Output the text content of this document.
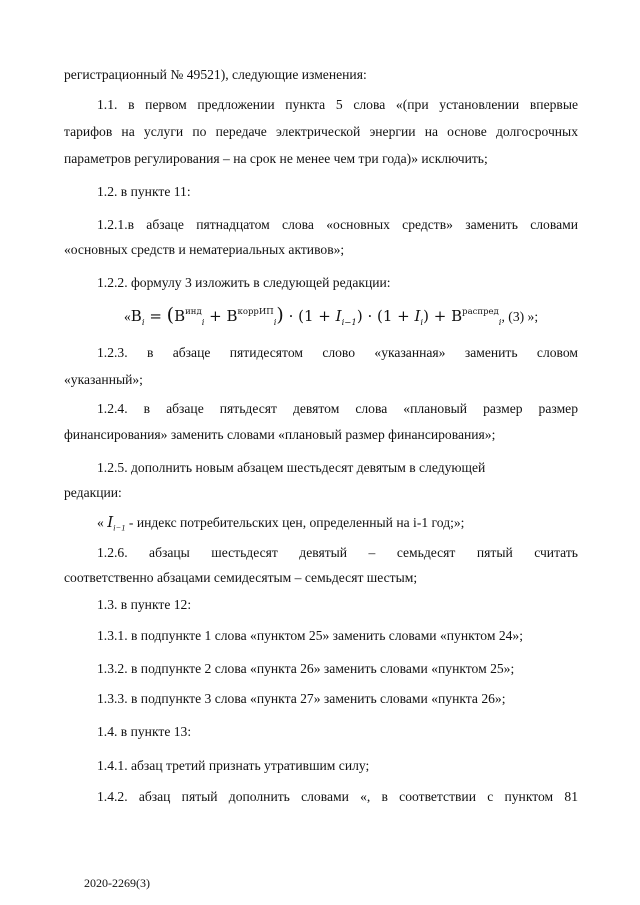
регистрационный № 49521), следующие изменения:
1.1. в первом предложении пункта 5 слова «(при установлении впервые
тарифов на услуги по передаче электрической энергии на основе долгосрочных
параметров регулирования – на срок не менее чем три года)» исключить;
1.2. в пункте 11:
1.2.1.в абзаце пятнадцатом слова «основных средств» заменить словами
«основных средств и нематериальных активов»;
1.2.2. формулу 3 изложить в следующей редакции:
«$В_i = (В^{инд}_i + В^{коррИП}_i) \cdot (1 + I_{i-1}) \cdot (1 + I_i) + В^{распред}_i$, (3) »;
1.2.3. в абзаце пятидесятом слово «указанная» заменить словом
«указанный»;
1.2.4. в абзаце пятьдесят девятом слова «плановый размер размер
финансирования» заменить словами «плановый размер финансирования»;
1.2.5. дополнить новым абзацем шестьдесят девятым в следующей
редакции:
« $I_{i-1}$ - индекс потребительских цен, определенный на i-1 год;»;
1.2.6. абзацы шестьдесят девятый – семьдесят пятый считать
соответственно абзацами семидесятым – семьдесят шестым;
1.3. в пункте 12:
1.3.1. в подпункте 1 слова «пунктом 25» заменить словами «пунктом 24»;
1.3.2. в подпункте 2 слова «пункта 26» заменить словами «пунктом 25»;
1.3.3. в подпункте 3 слова «пункта 27» заменить словами «пункта 26»;
1.4. в пункте 13:
1.4.1. абзац третий признать утратившим силу;
1.4.2. абзац пятый дополнить словами «, в соответствии с пунктом 81
2020-2269(3)
